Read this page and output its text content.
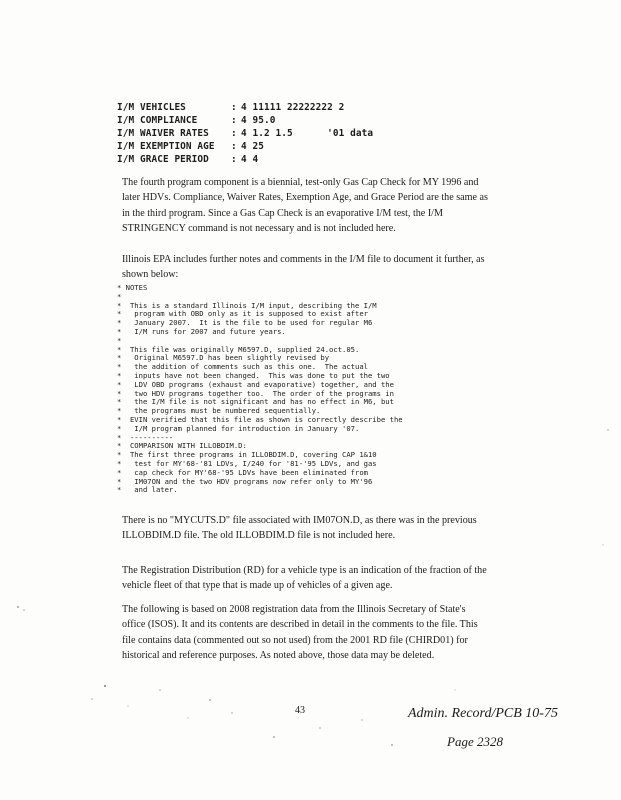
I/M VEHICLES	: 4 11111 22222222 2
I/M COMPLIANCE	: 4 95.0
I/M WAIVER RATES	: 4 1.2 1.5      '01 data
I/M EXEMPTION AGE	: 4 25
I/M GRACE PERIOD	: 4 4

The fourth program component is a biennial, test-only Gas Cap Check for MY 1996 and later HDVs. Compliance, Waiver Rates, Exemption Age, and Grace Period are the same as in the third program. Since a Gas Cap Check is an evaporative I/M test, the I/M STRINGENCY command is not necessary and is not included here.

Illinois EPA includes further notes and comments in the I/M file to document it further, as shown below:

* NOTES
*
*  This is a standard Illinois I/M input, describing the I/M
*   program with OBD only as it is supposed to exist after
*   January 2007.  It is the file to be used for regular M6
*   I/M runs for 2007 and future years.
*
*  This file was originally M6597.D, supplied 24.oct.05.
*   Original M6597.D has been slightly revised by
*   the addition of comments such as this one.  The actual
*   inputs have not been changed.  This was done to put the two
*   LDV OBD programs (exhaust and evaporative) together, and the
*   two HDV programs together too.  The order of the programs in
*   the I/M file is not significant and has no effect in M6, but
*   the programs must be numbered sequentially.
*  EVIN verified that this file as shown is correctly describe the
*   I/M program planned for introduction in January '07.
*  ----------
*  COMPARISON WITH ILLOBDIM.D:
*  The first three programs in ILLOBDIM.D, covering CAP 1&10
*   test for MY'68-'81 LDVs, I/240 for '81-'95 LDVs, and gas
*   cap check for MY'68-'95 LDVs have been eliminated from
*   IM07ON and the two HDV programs now refer only to MY'96
*   and later.

There is no "MYCUTS.D" file associated with IM07ON.D, as there was in the previous ILLOBDIM.D file. The old ILLOBDIM.D file is not included here.

The Registration Distribution (RD) for a vehicle type is an indication of the fraction of the vehicle fleet of that type that is made up of vehicles of a given age.

The following is based on 2008 registration data from the Illinois Secretary of State's office (ISOS). It and its contents are described in detail in the comments to the file. This file contains data (commented out so not used) from the 2001 RD file (CHIRD01) for historical and reference purposes. As noted above, those data may be deleted.

43	Admin. Record/PCB 10-75
Page 2328
